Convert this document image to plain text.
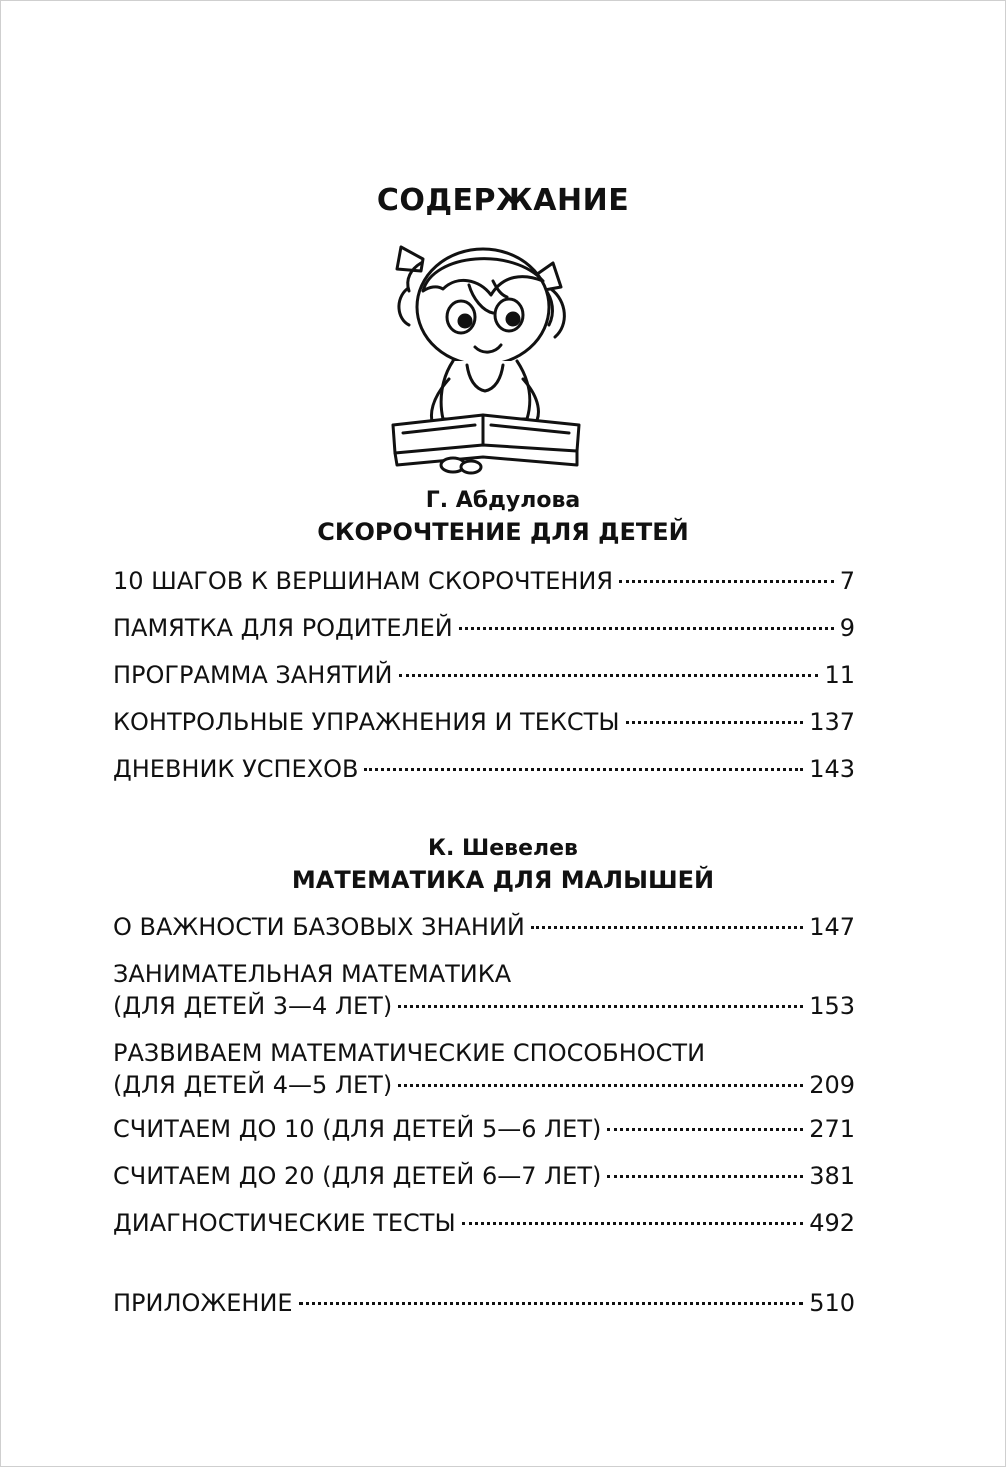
СОДЕРЖАНИЕ
Г. Абдулова
СКОРОЧТЕНИЕ ДЛЯ ДЕТЕЙ
10 ШАГОВ К ВЕРШИНАМ СКОРОЧТЕНИЯ	7
ПАМЯТКА ДЛЯ РОДИТЕЛЕЙ	9
ПРОГРАММА ЗАНЯТИЙ	11
КОНТРОЛЬНЫЕ УПРАЖНЕНИЯ И ТЕКСТЫ	137
ДНЕВНИК УСПЕХОВ	143
К. Шевелев
МАТЕМАТИКА ДЛЯ МАЛЫШЕЙ
О ВАЖНОСТИ БАЗОВЫХ ЗНАНИЙ	147
ЗАНИМАТЕЛЬНАЯ МАТЕМАТИКА
(ДЛЯ ДЕТЕЙ 3—4 ЛЕТ)	153
РАЗВИВАЕМ МАТЕМАТИЧЕСКИЕ СПОСОБНОСТИ
(ДЛЯ ДЕТЕЙ 4—5 ЛЕТ)	209
СЧИТАЕМ ДО 10 (ДЛЯ ДЕТЕЙ 5—6 ЛЕТ)	271
СЧИТАЕМ ДО 20 (ДЛЯ ДЕТЕЙ 6—7 ЛЕТ)	381
ДИАГНОСТИЧЕСКИЕ ТЕСТЫ	492
ПРИЛОЖЕНИЕ	510
